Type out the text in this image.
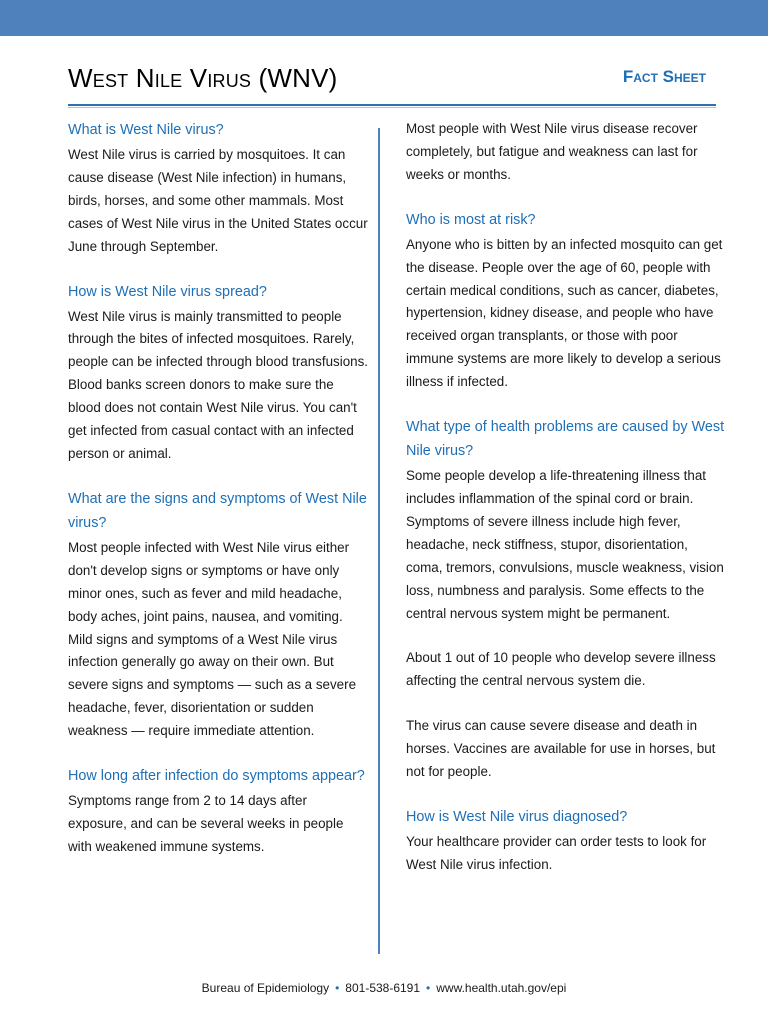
West Nile Virus (WNV)	Fact Sheet
What is West Nile virus?

West Nile virus is carried by mosquitoes. It can cause disease (West Nile infection) in humans, birds, horses, and some other mammals. Most cases of West Nile virus in the United States occur June through September.

How is West Nile virus spread?

West Nile virus is mainly transmitted to people through the bites of infected mosquitoes. Rarely, people can be infected through blood transfusions. Blood banks screen donors to make sure the blood does not contain West Nile virus. You can't get infected from casual contact with an infected person or animal.

What are the signs and symptoms of West Nile virus?

Most people infected with West Nile virus either don't develop signs or symptoms or have only minor ones, such as fever and mild headache, body aches, joint pains, nausea, and vomiting. Mild signs and symptoms of a West Nile virus infection generally go away on their own. But severe signs and symptoms — such as a severe headache, fever, disorientation or sudden weakness — require immediate attention.

How long after infection do symptoms appear?

Symptoms range from 2 to 14 days after exposure, and can be several weeks in people with weakened immune systems.

Most people with West Nile virus disease recover completely, but fatigue and weakness can last for weeks or months.

Who is most at risk?

Anyone who is bitten by an infected mosquito can get the disease. People over the age of 60, people with certain medical conditions, such as cancer, diabetes, hypertension, kidney disease, and people who have received organ transplants, or those with poor immune systems are more likely to develop a serious illness if infected.

What type of health problems are caused by West Nile virus?

Some people develop a life-threatening illness that includes inflammation of the spinal cord or brain. Symptoms of severe illness include high fever, headache, neck stiffness, stupor, disorientation, coma, tremors, convulsions, muscle weakness, vision loss, numbness and paralysis. Some effects to the central nervous system might be permanent.

About 1 out of 10 people who develop severe illness affecting the central nervous system die.

The virus can cause severe disease and death in horses. Vaccines are available for use in horses, but not for people.

How is West Nile virus diagnosed?

Your healthcare provider can order tests to look for West Nile virus infection.

Bureau of Epidemiology • 801-538-6191 • www.health.utah.gov/epi
